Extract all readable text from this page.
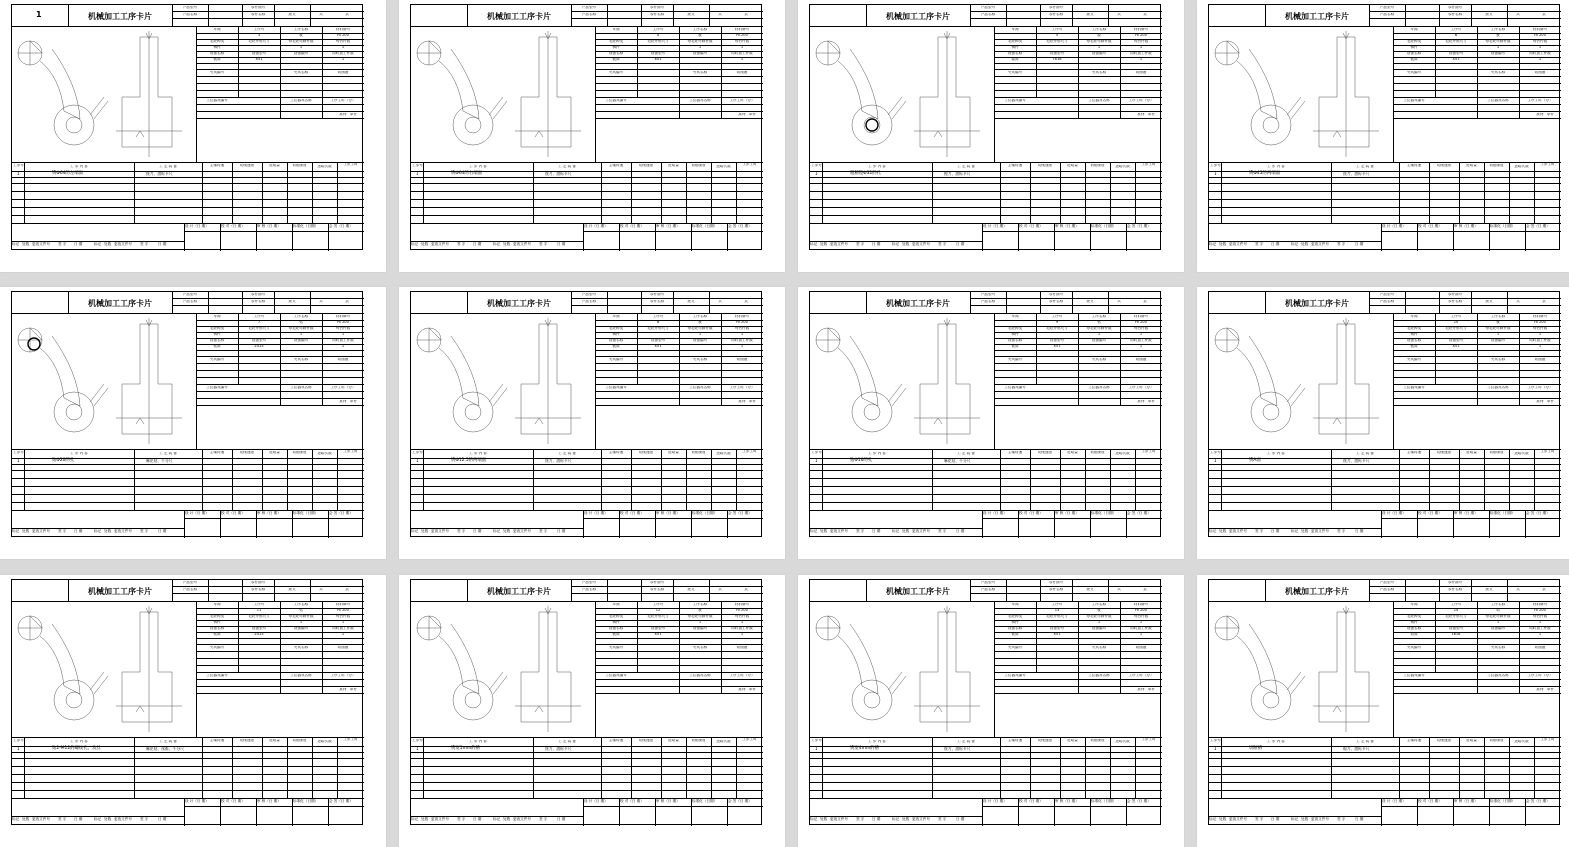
机械加工工序卡片
1
产品型号
产品名称
零件图号
零件名称	拨叉	共	页
车间	工序号	工序名称	材料牌号
3	铣	HT200
毛坯种类	毛坯外形尺寸	每毛坯可制件数	每台件数
铸件	1	1
设备名称	设备型号	设备编号	同时加工件数
铣床	X51	1
夹具编号	夹具名称	切削液
工位器具编号	工位器具名称	工序工时（分）
准终 单件
工步号	工 步 内 容	工 艺 装 备	主轴转速	切削速度	进给量	切削深度	进给次数	工步工时
1	铣Φ64的左端面	铣刀、游标卡尺
设 计（日 期）	校 对（日 期）	审 核（日 期）	标准化（日期）	会 签（日 期）
标记 处数 更改文件号 签 字 日 期	标记 处数 更改文件号 签 字	日 期
机械加工工序卡片
产品型号
产品名称
零件图号
零件名称	拨叉	共	页
车间	工序号	工序名称	材料牌号
4	铣	HT200
毛坯种类	毛坯外形尺寸	每毛坯可制件数	每台件数
铸件	1	1
设备名称	设备型号	设备编号	同时加工件数
铣床	X51	1
夹具编号	夹具名称	切削液
工位器具编号	工位器具名称	工序工时（分）
准终 单件
工步号	工 步 内 容	工 艺 装 备	主轴转速	切削速度	进给量	切削深度	进给次数	工步工时
1	铣Φ64的右端面	铣刀、游标卡尺
设 计（日 期）	校 对（日 期）	审 核（日 期）	标准化（日期）	会 签（日 期）
标记 处数 更改文件号 签 字 日 期	标记 处数 更改文件号 签 字	日 期
机械加工工序卡片
产品型号
产品名称
零件图号
零件名称	拨叉	共	页
车间	工序号	工序名称	材料牌号
5	镗	HT200
毛坯种类	毛坯外形尺寸	每毛坯可制件数	每台件数
铸件	1	1
设备名称	设备型号	设备编号	同时加工件数
镗床	T616	1
夹具编号	夹具名称	切削液
工位器具编号	工位器具名称	工序工时（分）
准终 单件
工步号	工 步 内 容	工 艺 装 备	主轴转速	切削速度	进给量	切削深度	进给次数	工步工时
1	粗精镗Φ32的孔	镗刀、游标卡尺
设 计（日 期）	校 对（日 期）	审 核（日 期）	标准化（日期）	会 签（日 期）
标记 处数 更改文件号 签 字 日 期	标记 处数 更改文件号 签 字	日 期
机械加工工序卡片
产品型号
产品名称
零件图号
零件名称	拨叉	共	页
车间	工序号	工序名称	材料牌号
6	铣	HT200
毛坯种类	毛坯外形尺寸	每毛坯可制件数	每台件数
铸件	1	1
设备名称	设备型号	设备编号	同时加工件数
铣床	X51	1
夹具编号	夹具名称	切削液
工位器具编号	工位器具名称	工序工时（分）
准终 单件
工步号	工 步 内 容	工 艺 装 备	主轴转速	切削速度	进给量	切削深度	进给次数	工步工时
1	铣Φ45的两端面	铣刀、游标卡尺
设 计（日 期）	校 对（日 期）	审 核（日 期）	标准化（日期）	会 签（日 期）
标记 处数 更改文件号 签 字 日 期	标记 处数 更改文件号 签 字	日 期
机械加工工序卡片
产品型号
产品名称
零件图号
零件名称	拨叉	共	页
车间	工序号	工序名称	材料牌号
7	钻	HT200
毛坯种类	毛坯外形尺寸	每毛坯可制件数	每台件数
铸件	1	1
设备名称	设备型号	设备编号	同时加工件数
钻床	Z525	1
夹具编号	夹具名称	切削液
工位器具编号	工位器具名称	工序工时（分）
准终 单件
工步号	工 步 内 容	工 艺 装 备	主轴转速	切削速度	进给量	切削深度	进给次数	工步工时
1	钻Φ20的孔	麻花钻、千分尺
设 计（日 期）	校 对（日 期）	审 核（日 期）	标准化（日期）	会 签（日 期）
标记 处数 更改文件号 签 字 日 期	标记 处数 更改文件号 签 字	日 期
机械加工工序卡片
产品型号
产品名称
零件图号
零件名称	拨叉	共	页
车间	工序号	工序名称	材料牌号
8	铣	HT200
毛坯种类	毛坯外形尺寸	每毛坯可制件数	每台件数
铸件	1	1
设备名称	设备型号	设备编号	同时加工件数
铣床	X51	1
夹具编号	夹具名称	切削液
工位器具编号	工位器具名称	工序工时（分）
准终 单件
工步号	工 步 内 容	工 艺 装 备	主轴转速	切削速度	进给量	切削深度	进给次数	工步工时
1	铣Φ12.5的两端面	铣刀、游标卡尺
设 计（日 期）	校 对（日 期）	审 核（日 期）	标准化（日期）	会 签（日 期）
标记 处数 更改文件号 签 字 日 期	标记 处数 更改文件号 签 字	日 期
机械加工工序卡片
产品型号
产品名称
零件图号
零件名称	拨叉	共	页
车间	工序号	工序名称	材料牌号
9	钻	HT200
毛坯种类	毛坯外形尺寸	每毛坯可制件数	每台件数
铸件	1	1
设备名称	设备型号	设备编号	同时加工件数
铣床	X51	1
夹具编号	夹具名称	切削液
工位器具编号	工位器具名称	工序工时（分）
准终 单件
工步号	工 步 内 容	工 艺 装 备	主轴转速	切削速度	进给量	切削深度	进给次数	工步工时
1	钻Φ16的孔	麻花钻、千分尺
设 计（日 期）	校 对（日 期）	审 核（日 期）	标准化（日期）	会 签（日 期）
标记 处数 更改文件号 签 字 日 期	标记 处数 更改文件号 签 字	日 期
机械加工工序卡片
产品型号
产品名称
零件图号
零件名称	拨叉	共	页
车间	工序号	工序名称	材料牌号
10	铣	HT200
毛坯种类	毛坯外形尺寸	每毛坯可制件数	每台件数
铸件	1	1
设备名称	设备型号	设备编号	同时加工件数
铣床	X51	1
夹具编号	夹具名称	切削液
工位器具编号	工位器具名称	工序工时（分）
准终 单件
工步号	工 步 内 容	工 艺 装 备	主轴转速	切削速度	进给量	切削深度	进给次数	工步工时
1	铣A面	铣刀、游标卡尺
设 计（日 期）	校 对（日 期）	审 核（日 期）	标准化（日期）	会 签（日 期）
标记 处数 更改文件号 签 字 日 期	标记 处数 更改文件号 签 字	日 期
机械加工工序卡片
产品型号
产品名称
零件图号
零件名称	拨叉	共	页
车间	工序号	工序名称	材料牌号
11	钻	HT200
毛坯种类	毛坯外形尺寸	每毛坯可制件数	每台件数
铸件	1	1
设备名称	设备型号	设备编号	同时加工件数
钻床	Z525	1
夹具编号	夹具名称	切削液
工位器具编号	工位器具名称	工序工时（分）
准终 单件
工步号	工 步 内 容	工 艺 装 备	主轴转速	切削速度	进给量	切削深度	进给次数	工步工时
1	钻2-M12的螺纹孔，攻丝	麻花钻、丝锥、千分尺
设 计（日 期）	校 对（日 期）	审 核（日 期）	标准化（日期）	会 签（日 期）
标记 处数 更改文件号 签 字 日 期	标记 处数 更改文件号 签 字	日 期
机械加工工序卡片
产品型号
产品名称
零件图号
零件名称	拨叉	共	页
车间	工序号	工序名称	材料牌号
12	铣	HT200
毛坯种类	毛坯外形尺寸	每毛坯可制件数	每台件数
铸件	1	1
设备名称	设备型号	设备编号	同时加工件数
铣床	X51	1
夹具编号	夹具名称	切削液
工位器具编号	工位器具名称	工序工时（分）
准终 单件
工步号	工 步 内 容	工 艺 装 备	主轴转速	切削速度	进给量	切削深度	进给次数	工步工时
1	铣宽5mm的槽	铣刀、游标卡尺
设 计（日 期）	校 对（日 期）	审 核（日 期）	标准化（日期）	会 签（日 期）
标记 处数 更改文件号 签 字 日 期	标记 处数 更改文件号 签 字	日 期
机械加工工序卡片
产品型号
产品名称
零件图号
零件名称	拨叉	共	页
车间	工序号	工序名称	材料牌号
13	铣	HT200
毛坯种类	毛坯外形尺寸	每毛坯可制件数	每台件数
铸件	1	1
设备名称	设备型号	设备编号	同时加工件数
铣床	X51	1
夹具编号	夹具名称	切削液
工位器具编号	工位器具名称	工序工时（分）
准终 单件
工步号	工 步 内 容	工 艺 装 备	主轴转速	切削速度	进给量	切削深度	进给次数	工步工时
1	铣宽4mm的槽	铣刀、游标卡尺
设 计（日 期）	校 对（日 期）	审 核（日 期）	标准化（日期）	会 签（日 期）
标记 处数 更改文件号 签 字 日 期	标记 处数 更改文件号 签 字	日 期
机械加工工序卡片
产品型号
产品名称
零件图号
零件名称	拨叉	共	页
车间	工序号	工序名称	材料牌号
14	切	HT200
毛坯种类	毛坯外形尺寸	每毛坯可制件数	每台件数
铸件	1	1
设备名称	设备型号	设备编号	同时加工件数
切床	L616	1
夹具编号	夹具名称	切削液
工位器具编号	工位器具名称	工序工时（分）
准终 单件
工步号	工 步 内 容	工 艺 装 备	主轴转速	切削速度	进给量	切削深度	进给次数	工步工时
1	切断槽	锯刀、游标卡尺
设 计（日 期）	校 对（日 期）	审 核（日 期）	标准化（日期）	会 签（日 期）
标记 处数 更改文件号 签 字 日 期	标记 处数 更改文件号 签 字	日 期
